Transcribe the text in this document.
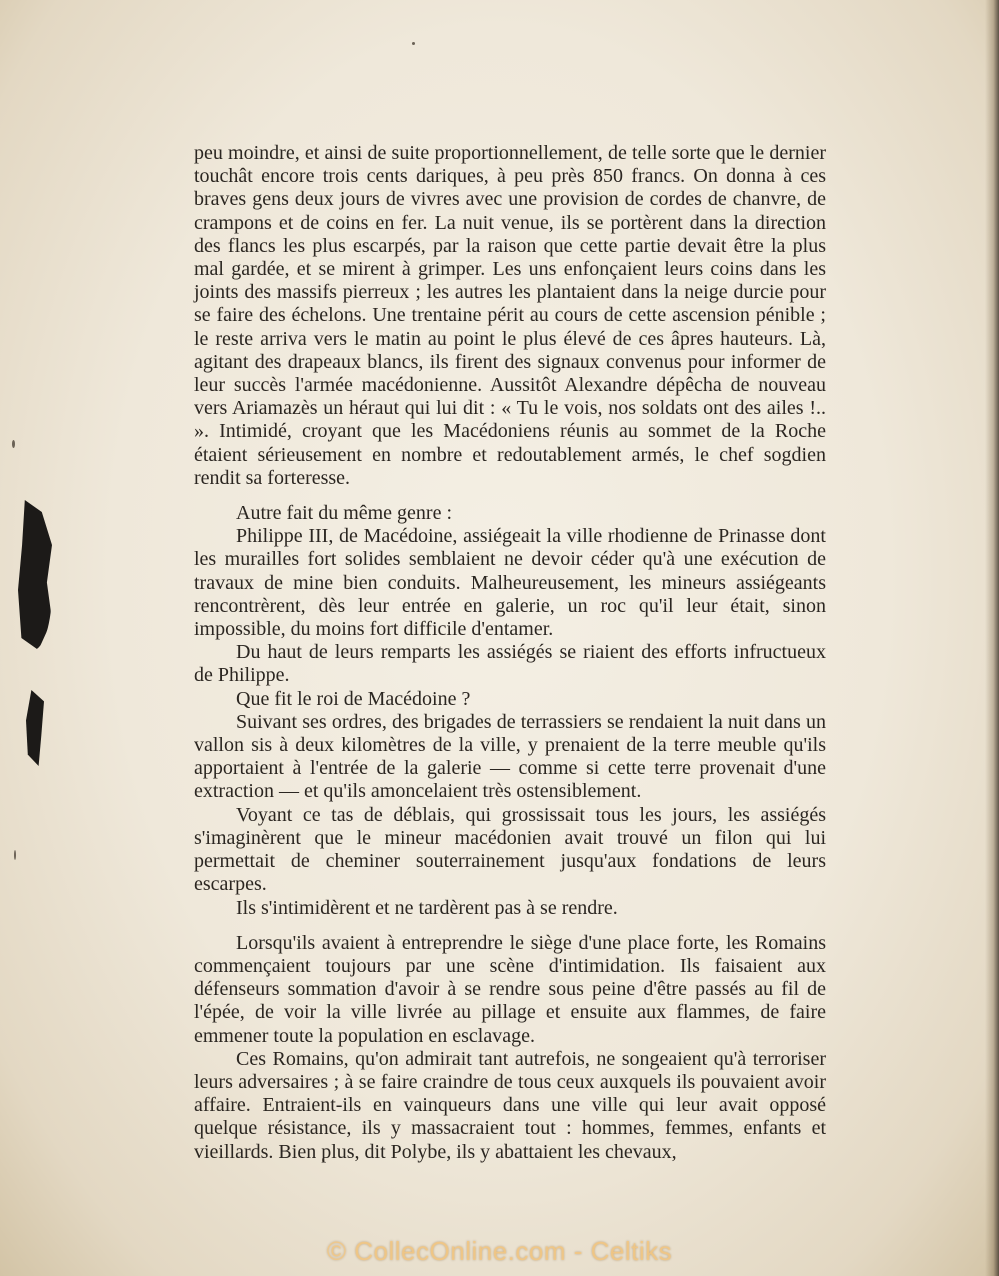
peu moindre, et ainsi de suite proportionnellement, de telle sorte que le dernier touchât encore trois cents dariques, à peu près 850 francs. On donna à ces braves gens deux jours de vivres avec une provision de cordes de chanvre, de crampons et de coins en fer. La nuit venue, ils se portèrent dans la direction des flancs les plus escarpés, par la raison que cette partie devait être la plus mal gardée, et se mirent à grimper. Les uns enfonçaient leurs coins dans les joints des massifs pierreux ; les autres les plantaient dans la neige durcie pour se faire des échelons. Une trentaine périt au cours de cette ascension pénible ; le reste arriva vers le matin au point le plus élevé de ces âpres hauteurs. Là, agitant des drapeaux blancs, ils firent des signaux convenus pour informer de leur succès l'armée macédonienne. Aussitôt Alexandre dépêcha de nouveau vers Ariamazès un héraut qui lui dit : « Tu le vois, nos soldats ont des ailes !.. ». Intimidé, croyant que les Macédoniens réunis au sommet de la Roche étaient sérieusement en nombre et redoutablement armés, le chef sogdien rendit sa forteresse.

Autre fait du même genre :

Philippe III, de Macédoine, assiégeait la ville rhodienne de Prinasse dont les murailles fort solides semblaient ne devoir céder qu'à une exécution de travaux de mine bien conduits. Malheureusement, les mineurs assiégeants rencontrèrent, dès leur entrée en galerie, un roc qu'il leur était, sinon impossible, du moins fort difficile d'entamer.

Du haut de leurs remparts les assiégés se riaient des efforts infructueux de Philippe.

Que fit le roi de Macédoine ?

Suivant ses ordres, des brigades de terrassiers se rendaient la nuit dans un vallon sis à deux kilomètres de la ville, y prenaient de la terre meuble qu'ils apportaient à l'entrée de la galerie — comme si cette terre provenait d'une extraction — et qu'ils amoncelaient très ostensiblement.

Voyant ce tas de déblais, qui grossissait tous les jours, les assiégés s'imaginèrent que le mineur macédonien avait trouvé un filon qui lui permettait de cheminer souterrainement jusqu'aux fondations de leurs escarpes.

Ils s'intimidèrent et ne tardèrent pas à se rendre.

Lorsqu'ils avaient à entreprendre le siège d'une place forte, les Romains commençaient toujours par une scène d'intimidation. Ils faisaient aux défenseurs sommation d'avoir à se rendre sous peine d'être passés au fil de l'épée, de voir la ville livrée au pillage et ensuite aux flammes, de faire emmener toute la population en esclavage.

Ces Romains, qu'on admirait tant autrefois, ne songeaient qu'à terroriser leurs adversaires ; à se faire craindre de tous ceux auxquels ils pouvaient avoir affaire. Entraient-ils en vainqueurs dans une ville qui leur avait opposé quelque résistance, ils y massacraient tout : hommes, femmes, enfants et vieillards. Bien plus, dit Polybe, ils y abattaient les chevaux,

© CollecOnline.com - Celtiks
